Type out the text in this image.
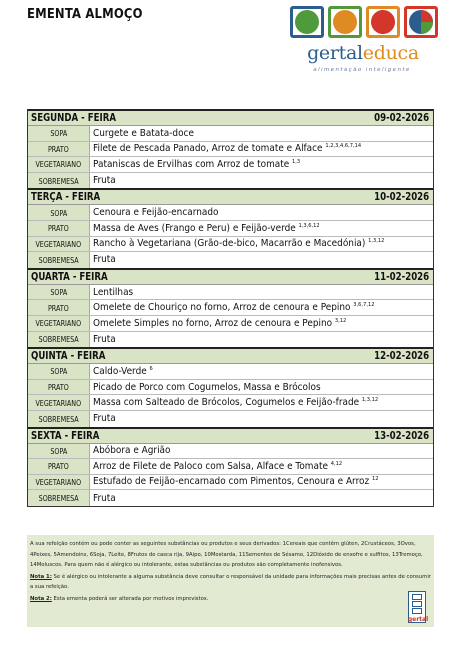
EMENTA ALMOÇO
gertaleduca
alimentação inteligente
SEGUNDA - FEIRA	09-02-2026
SOPA	Curgete e Batata-doce
PRATO	Filete de Pescada Panado, Arroz de tomate e Alface $^{1,2,3,4,6,7,14}$
VEGETARIANO Pataniscas de Ervilhas com Arroz de tomate $^{1,3}$
SOBREMESA Fruta
TERÇA - FEIRA	10-02-2026
SOPA	Cenoura e Feijão-encarnado
PRATO	Massa de Aves (Frango e Peru) e Feijão-verde $^{1,3,6,12}$
VEGETARIANO Rancho à Vegetariana (Grão-de-bico, Macarrão e Macedónia) $^{1,3,12}$
SOBREMESA Fruta
QUARTA - FEIRA	11-02-2026
SOPA	Lentilhas
PRATO	Omelete de Chouriço no forno, Arroz de cenoura e Pepino $^{3,6,7,12}$
VEGETARIANO Omelete Simples no forno, Arroz de cenoura e Pepino $^{3,12}$
SOBREMESA Fruta
QUINTA - FEIRA	12-02-2026
SOPA	Caldo-Verde $^6$
PRATO	Picado de Porco com Cogumelos, Massa e Brócolos
VEGETARIANO Massa com Salteado de Brócolos, Cogumelos e Feijão-frade $^{1,3,12}$
SOBREMESA Fruta
SEXTA - FEIRA	13-02-2026
SOPA	Abóbora e Agrião
PRATO	Arroz de Filete de Paloco com Salsa, Alface e Tomate $^{4,12}$
VEGETARIANO Estufado de Feijão-encarnado com Pimentos, Cenoura e Arroz $^{12}$
SOBREMESA Fruta

A sua refeição contém ou pode conter as seguintes substâncias ou produtos e seus derivados: 1Cereais que contêm glúten, 2Crustáceos, 3Ovos, 4Peixes, 5Amendoins, 6Soja, 7Leite, 8Frutos de casca rija, 9Aipo, 10Mostarda, 11Sementes de Sésamo, 12Dióxido de enxofre e sulfitos, 13Tremoço, 14Moluscos. Para quem não é alérgico ou intolerante, estas substâncias ou produtos são completamente inofensivos.

Nota 1: Se é alérgico ou intolerante a alguma substância deve consultar o responsável da unidade para informações mais precisas antes de consumir a sua refeição.

Nota 2: Esta ementa poderá ser alterada por motivos imprevistos.

gertal
